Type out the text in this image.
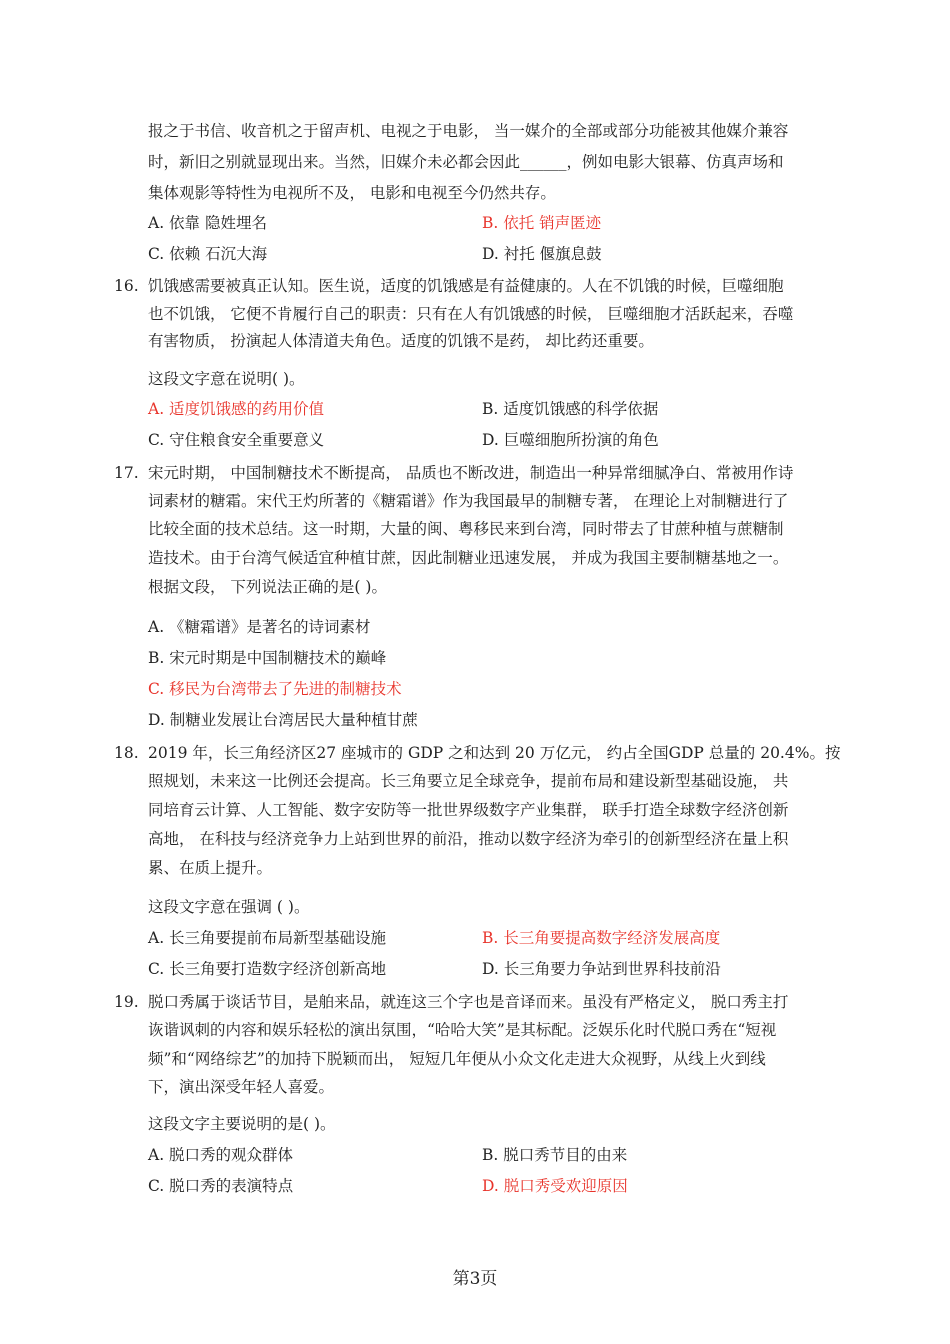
报之于书信、收音机之于留声机、电视之于电影， 当一媒介的全部或部分功能被其他媒介兼容
时，新旧之别就显现出来。当然，旧媒介未必都会因此______，例如电影大银幕、仿真声场和
集体观影等特性为电视所不及， 电影和电视至今仍然共存。
A. 依靠 隐姓埋名	B. 依托 销声匿迹
C. 依赖 石沉大海	D. 衬托 偃旗息鼓
16. 饥饿感需要被真正认知。医生说，适度的饥饿感是有益健康的。人在不饥饿的时候，巨噬细胞
也不饥饿， 它便不肯履行自己的职责：只有在人有饥饿感的时候， 巨噬细胞才活跃起来，吞噬
有害物质， 扮演起人体清道夫角色。适度的饥饿不是药， 却比药还重要。
这段文字意在说明( )。
A. 适度饥饿感的药用价值	B. 适度饥饿感的科学依据
C. 守住粮食安全重要意义	D. 巨噬细胞所扮演的角色
17. 宋元时期， 中国制糖技术不断提高， 品质也不断改进，制造出一种异常细腻净白、常被用作诗
词素材的糖霜。宋代王灼所著的《糖霜谱》作为我国最早的制糖专著， 在理论上对制糖进行了
比较全面的技术总结。这一时期，大量的闽、粤移民来到台湾，同时带去了甘蔗种植与蔗糖制
造技术。由于台湾气候适宜种植甘蔗，因此制糖业迅速发展， 并成为我国主要制糖基地之一。
根据文段， 下列说法正确的是( )。
A. 《糖霜谱》是著名的诗词素材
B. 宋元时期是中国制糖技术的巅峰
C. 移民为台湾带去了先进的制糖技术
D. 制糖业发展让台湾居民大量种植甘蔗
18. 2019 年，长三角经济区27 座城市的 GDP 之和达到 20 万亿元， 约占全国GDP 总量的 20.4%。按
照规划，未来这一比例还会提高。长三角要立足全球竞争，提前布局和建设新型基础设施， 共
同培育云计算、人工智能、数字安防等一批世界级数字产业集群， 联手打造全球数字经济创新
高地， 在科技与经济竞争力上站到世界的前沿，推动以数字经济为牵引的创新型经济在量上积
累、在质上提升。
这段文字意在强调 ( )。
A. 长三角要提前布局新型基础设施	B. 长三角要提高数字经济发展高度
C. 长三角要打造数字经济创新高地	D. 长三角要力争站到世界科技前沿
19. 脱口秀属于谈话节目，是舶来品，就连这三个字也是音译而来。虽没有严格定义， 脱口秀主打
诙谐讽刺的内容和娱乐轻松的演出氛围，“哈哈大笑”是其标配。泛娱乐化时代脱口秀在“短视
频”和“网络综艺”的加持下脱颖而出， 短短几年便从小众文化走进大众视野，从线上火到线
下，演出深受年轻人喜爱。
这段文字主要说明的是( )。
A. 脱口秀的观众群体	B. 脱口秀节目的由来
C. 脱口秀的表演特点	D. 脱口秀受欢迎原因
第3页
